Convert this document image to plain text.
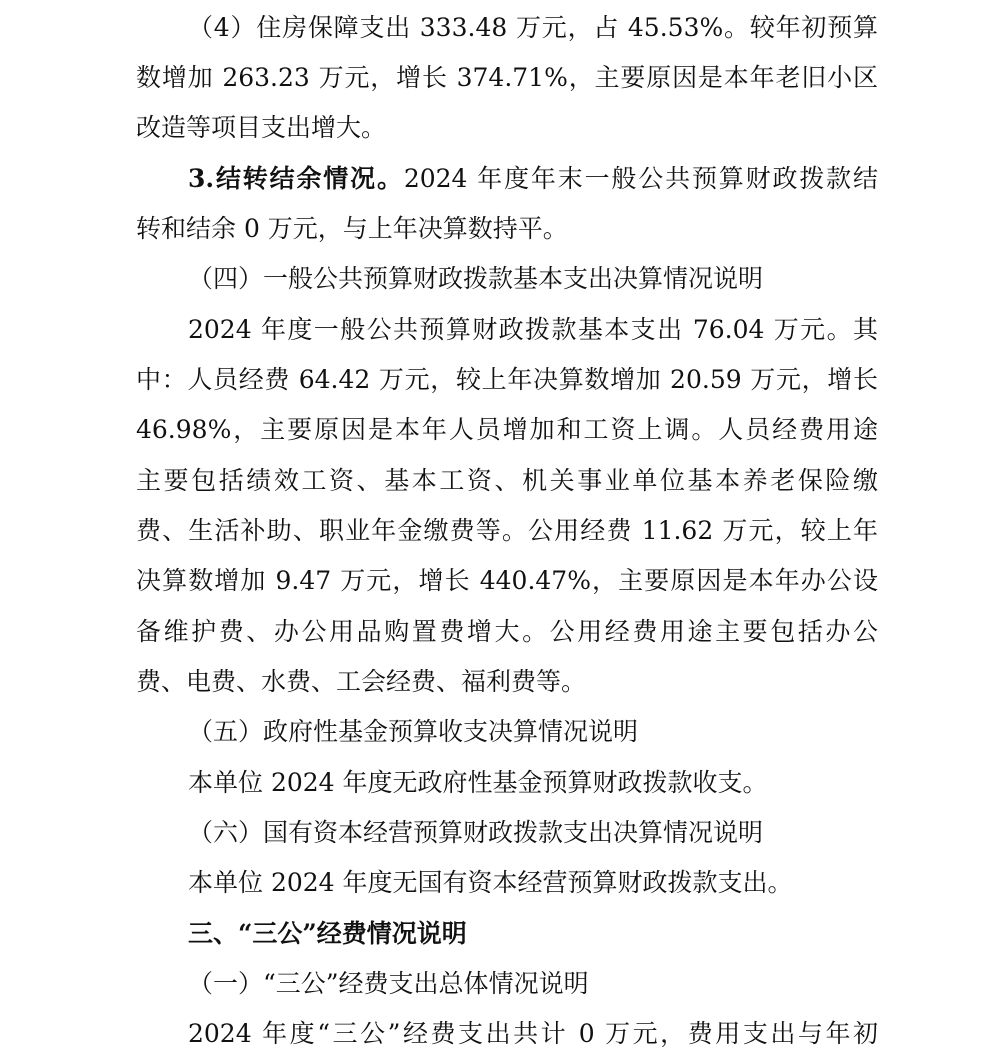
（4）住房保障支出 333.48 万元，占 45.53%。较年初预算
数增加 263.23 万元，增长 374.71%，主要原因是本年老旧小区
改造等项目支出增大。
3.结转结余情况。2024 年度年末一般公共预算财政拨款结
转和结余 0 万元，与上年决算数持平。
（四）一般公共预算财政拨款基本支出决算情况说明
2024 年度一般公共预算财政拨款基本支出 76.04 万元。其
中：人员经费 64.42 万元，较上年决算数增加 20.59 万元，增长
46.98%，主要原因是本年人员增加和工资上调。人员经费用途
主要包括绩效工资、基本工资、机关事业单位基本养老保险缴
费、生活补助、职业年金缴费等。公用经费 11.62 万元，较上年
决算数增加 9.47 万元，增长 440.47%，主要原因是本年办公设
备维护费、办公用品购置费增大。公用经费用途主要包括办公
费、电费、水费、工会经费、福利费等。
（五）政府性基金预算收支决算情况说明
本单位 2024 年度无政府性基金预算财政拨款收支。
（六）国有资本经营预算财政拨款支出决算情况说明
本单位 2024 年度无国有资本经营预算财政拨款支出。
三、“三公”经费情况说明
（一）“三公”经费支出总体情况说明
2024 年度“三公”经费支出共计 0 万元，费用支出与年初
